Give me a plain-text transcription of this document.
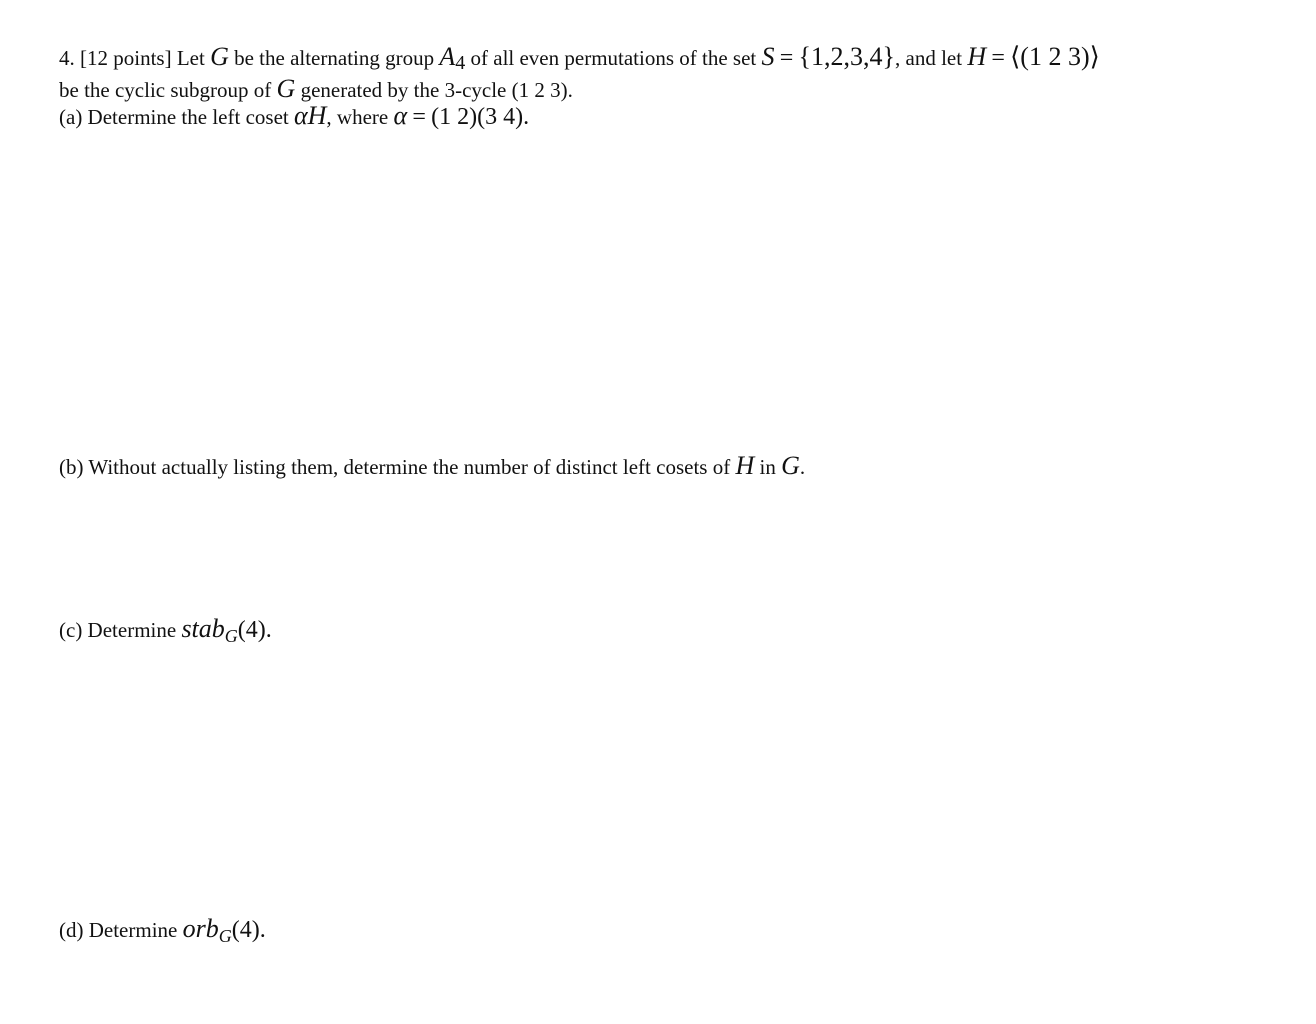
4. [12 points] Let G be the alternating group A4 of all even permutations of the set S = {1,2,3,4}, and let H = ⟨(1 2 3)⟩
be the cyclic subgroup of G generated by the 3-cycle (1 2 3).
(a) Determine the left coset αH, where α = (1 2)(3 4).
(b) Without actually listing them, determine the number of distinct left cosets of H in G.
(c) Determine stabG(4).
(d) Determine orbG(4).
